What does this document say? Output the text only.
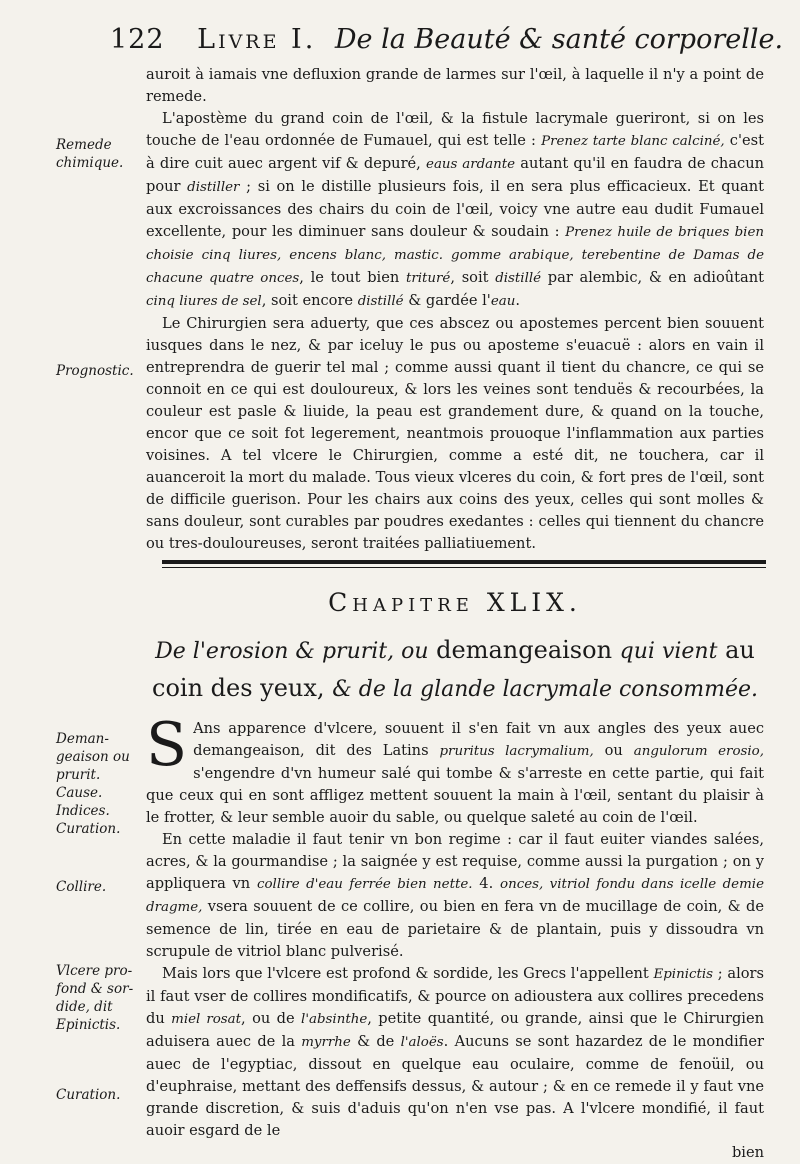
122 Livre I. De la Beauté & santé corporelle.
Remede
chimique.
Prognostic.
Deman-
geaison ou
prurit.
Cause.
Indices.
Curation.
Collire.
Vlcere pro-
fond & sor-
dide, dit
Epinictis.
Curation.

auroit à iamais vne defluxion grande de larmes sur l'œil, à laquelle il n'y a point de remede.

L'apostème du grand coin de l'œil, & la fistule lacrymale gueriront, si on les touche de l'eau ordonnée de Fumauel, qui est telle : Prenez tarte blanc calciné, c'est à dire cuit auec argent vif & depuré, eaus ardante autant qu'il en faudra de chacun pour distiller ; si on le distille plusieurs fois, il en sera plus efficacieux. Et quant aux excroissances des chairs du coin de l'œil, voicy vne autre eau dudit Fumauel excellente, pour les diminuer sans douleur & soudain : Prenez huile de briques bien choisie cinq liures, encens blanc, mastic. gomme arabique, terebentine de Damas de chacune quatre onces, le tout bien trituré, soit distillé par alembic, & en adioûtant cinq liures de sel, soit encore distillé & gardée l'eau.

Le Chirurgien sera aduerty, que ces abscez ou apostemes percent bien souuent iusques dans le nez, & par iceluy le pus ou aposteme s'euacuë : alors en vain il entreprendra de guerir tel mal ; comme aussi quant il tient du chancre, ce qui se connoit en ce qui est douloureux, & lors les veines sont tenduës & recourbées, la couleur est pasle & liuide, la peau est grandement dure, & quand on la touche, encor que ce soit fot legerement, neantmois prouoque l'inflammation aux parties voisines. A tel vlcere le Chirurgien, comme a esté dit, ne touchera, car il auanceroit la mort du malade. Tous vieux vlceres du coin, & fort pres de l'œil, sont de difficile guerison. Pour les chairs aux coins des yeux, celles qui sont molles & sans douleur, sont curables par poudres exedantes : celles qui tiennent du chancre ou tres-douloureuses, seront traitées palliatiuement.

Chapitre XLIX.
De l'erosion & prurit, ou demangeaison qui vient au coin des yeux, & de la glande lacrymale consommée.

S Ans apparence d'vlcere, souuent il s'en fait vn aux angles des yeux auec demangeaison, dit des Latins pruritus lacrymalium, ou angulorum erosio, s'engendre d'vn humeur salé qui tombe & s'arreste en cette partie, qui fait que ceux qui en sont affligez mettent souuent la main à l'œil, sentant du plaisir à le frotter, & leur semble auoir du sable, ou quelque saleté au coin de l'œil.

En cette maladie il faut tenir vn bon regime : car il faut euiter viandes salées, acres, & la gourmandise ; la saignée y est requise, comme aussi la purgation ; on y appliquera vn collire d'eau ferrée bien nette. 4. onces, vitriol fondu dans icelle demie dragme, vsera souuent de ce collire, ou bien en fera vn de mucillage de coin, & de semence de lin, tirée en eau de parietaire & de plantain, puis y dissoudra vn scrupule de vitriol blanc pulverisé.

Mais lors que l'vlcere est profond & sordide, les Grecs l'appellent Epinictis ; alors il faut vser de collires mondificatifs, & pource on adioustera aux collires precedens du miel rosat, ou de l'absinthe, petite quantité, ou grande, ainsi que le Chirurgien aduisera auec de la myrrhe & de l'aloës. Aucuns se sont hazardez de le mondifier auec de l'egyptiac, dissout en quelque eau oculaire, comme de fenoüil, ou d'euphraise, mettant des deffensifs dessus, & autour ; & en ce remede il y faut vne grande discretion, & suis d'aduis qu'on n'en vse pas. A l'vlcere mondifié, il faut auoir esgard de le

bien
